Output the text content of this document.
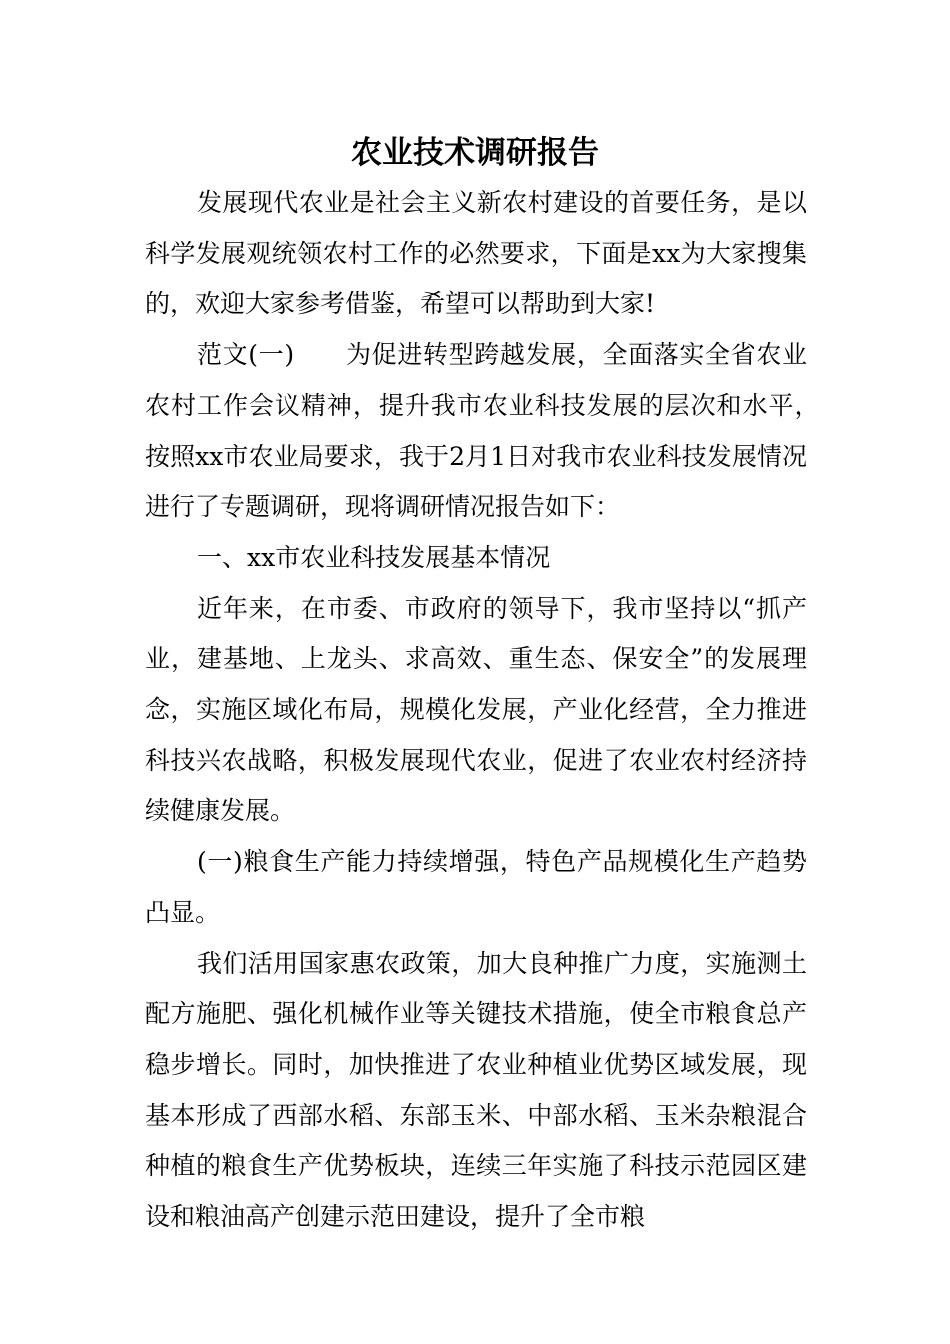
农业技术调研报告

发展现代农业是社会主义新农村建设的首要任务，是以科学发展观统领农村工作的必然要求，下面是xx为大家搜集的，欢迎大家参考借鉴，希望可以帮助到大家!

范文(一)　　为促进转型跨越发展，全面落实全省农业农村工作会议精神，提升我市农业科技发展的层次和水平，　按照xx市农业局要求，我于2月1日对我市农业科技发展情况进行了专题调研，现将调研情况报告如下：

一、xx市农业科技发展基本情况

近年来，在市委、市政府的领导下，我市坚持以“抓产业，建基地、上龙头、求高效、重生态、保安全”的发展理念，实施区域化布局，规模化发展，产业化经营，全力推进科技兴农战略，积极发展现代农业，促进了农业农村经济持续健康发展。

(一)粮食生产能力持续增强，特色产品规模化生产趋势凸显。

我们活用国家惠农政策，加大良种推广力度，实施测土配方施肥、强化机械作业等关键技术措施，使全市粮食总产稳步增长。同时，加快推进了农业种植业优势区域发展，现基本形成了西部水稻、东部玉米、中部水稻、玉米杂粮混合种植的粮食生产优势板块，连续三年实施了科技示范园区建设和粮油高产创建示范田建设，提升了全市粮
